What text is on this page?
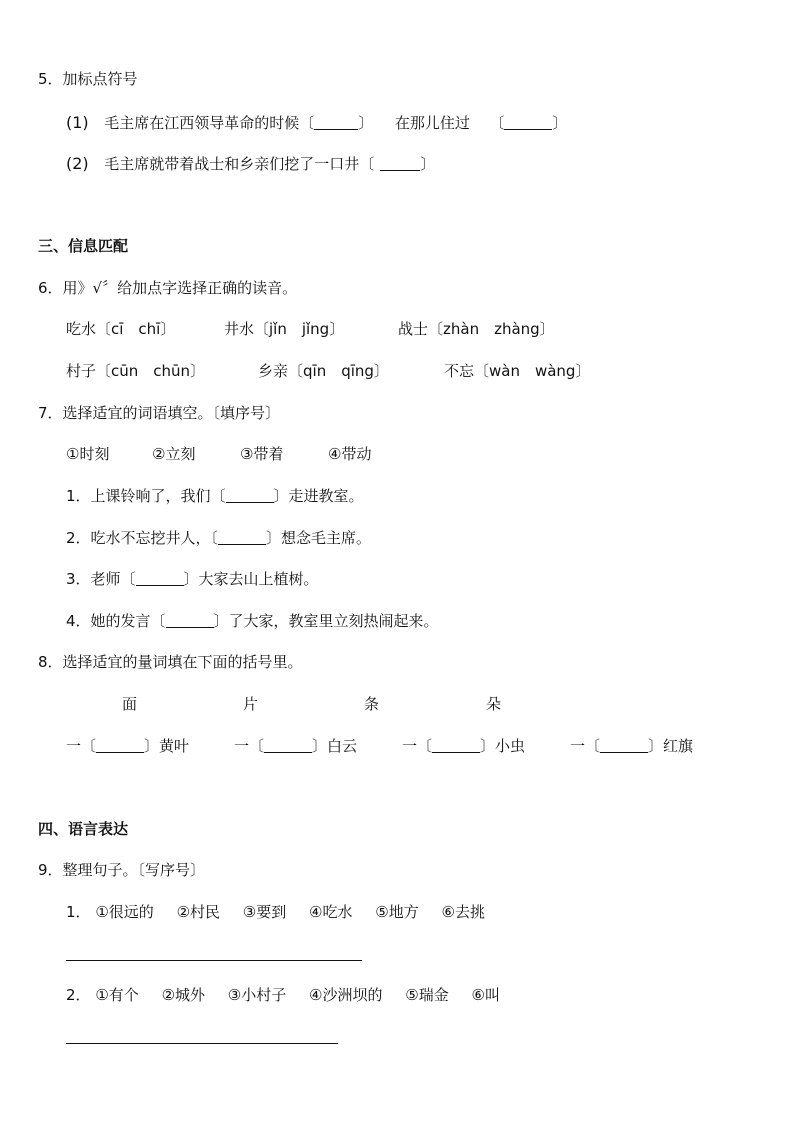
5．加标点符号
(1) 毛主席在江西领导革命的时候〔	〕 在那儿住过 〔	〕
(2) 毛主席就带着战士和乡亲们挖了一口井〔	〕
三、信息匹配
6．用》√〞给加点字选择正确的读音。
吃水〔cī　chī〕	井水〔jǐn　jǐng〕	战士〔zhàn　zhàng〕
村子〔cūn　chūn〕	乡亲〔qīn　qīng〕	不忘〔wàn　wàng〕
7．选择适宜的词语填空。〔填序号〕
①时刻	②立刻	③带着	④带动
1．上课铃响了，我们〔	〕走进教室。
2．吃水不忘挖井人，〔	〕想念毛主席。
3．老师〔	〕大家去山上植树。
4．她的发言〔	〕了大家，教室里立刻热闹起来。
8．选择适宜的量词填在下面的括号里。
面	片	条	朵
一〔	〕黄叶	一〔	〕白云	一〔	〕小虫	一〔	〕红旗
四、语言表达
9．整理句子。〔写序号〕
1． ①很远的 ②村民 ③要到 ④吃水 ⑤地方 ⑥去挑
2． ①有个 ②城外 ③小村子 ④沙洲坝的 ⑤瑞金 ⑥叫
